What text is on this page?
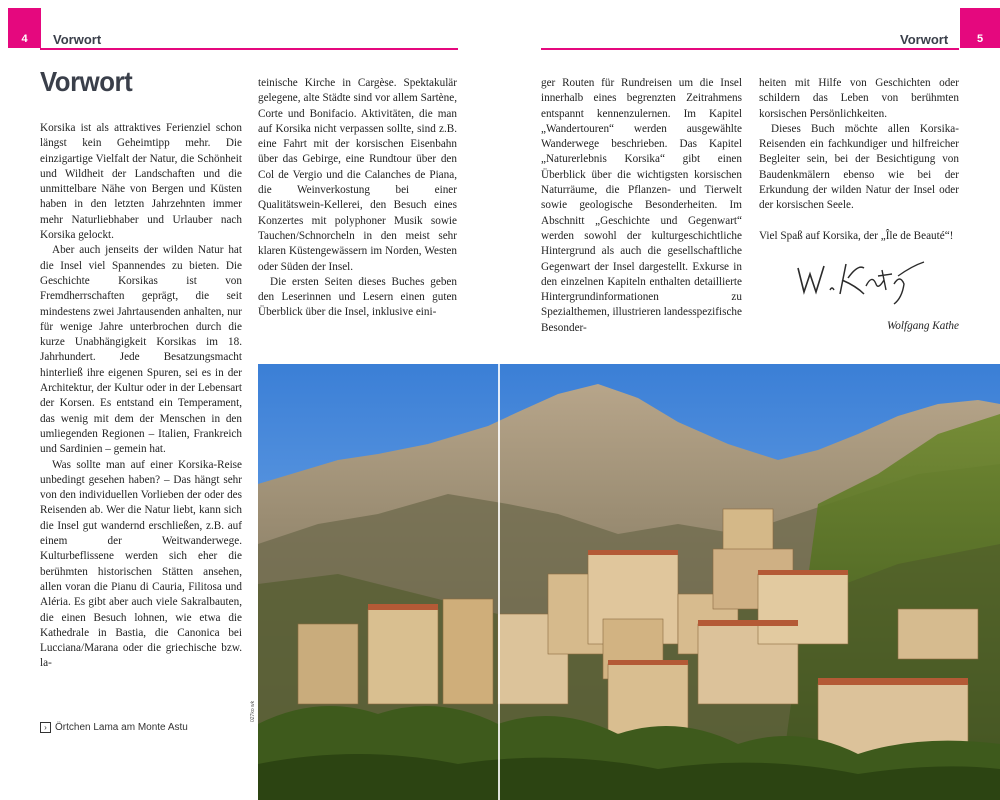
4 Vorwort	Vorwort	5
Vorwort

Korsika ist als attraktives Ferienziel schon längst kein Geheimtipp mehr. Die einzigartige Vielfalt der Natur, die Schönheit und Wildheit der Landschaften und die unmittelbare Nähe von Bergen und Küsten haben in den letzten Jahrzehnten immer mehr Naturliebhaber und Urlauber nach Korsika gelockt.

Aber auch jenseits der wilden Natur hat die Insel viel Spannendes zu bieten. Die Geschichte Korsikas ist von Fremdherrschaften geprägt, die seit mindestens zwei Jahrtausenden anhalten, nur für wenige Jahre unterbrochen durch die kurze Unabhängigkeit Korsikas im 18. Jahrhundert. Jede Besatzungsmacht hinterließ ihre eigenen Spuren, sei es in der Architektur, der Kultur oder in der Lebensart der Korsen. Es entstand ein Temperament, das wenig mit dem der Menschen in den umliegenden Regionen – Italien, Frankreich und Sardinien – gemein hat.

Was sollte man auf einer Korsika-Reise unbedingt gesehen haben? – Das hängt sehr von den individuellen Vorlieben der oder des Reisenden ab. Wer die Natur liebt, kann sich die Insel gut wandernd erschließen, z.B. auf einem der Weitwanderwege. Kulturbeflissene werden sich eher die berühmten historischen Stätten ansehen, allen voran die Pianu di Cauria, Filitosa und Aléria. Es gibt aber auch viele Sakralbauten, die einen Besuch lohnen, wie etwa die Kathedrale in Bastia, die Canonica bei Lucciana/Marana oder die griechische bzw. la-

teinische Kirche in Cargèse. Spektakulär gelegene, alte Städte sind vor allem Sartène, Corte und Bonifacio. Aktivitäten, die man auf Korsika nicht verpassen sollte, sind z.B. eine Fahrt mit der korsischen Eisenbahn über das Gebirge, eine Rundtour über den Col de Vergio und die Calanches de Piana, die Weinverkostung bei einer Qualitätswein-Kellerei, den Besuch eines Konzertes mit polyphoner Musik sowie Tauchen/Schnorcheln in den meist sehr klaren Küstengewässern im Norden, Westen oder Süden der Insel.

Die ersten Seiten dieses Buches geben den Leserinnen und Lesern einen guten Überblick über die Insel, inklusive eini-

ger Routen für Rundreisen um die Insel innerhalb eines begrenzten Zeitrahmens entspannt kennenzulernen. Im Kapitel „Wandertouren“ werden ausgewählte Wanderwege beschrieben. Das Kapitel „Naturerlebnis Korsika“ gibt einen Überblick über die wichtigsten korsischen Naturräume, die Pflanzen- und Tierwelt sowie geologische Besonderheiten. Im Abschnitt „Geschichte und Gegenwart“ werden sowohl der kulturgeschichtliche Hintergrund als auch die gesellschaftliche Gegenwart der Insel dargestellt. Exkurse in den einzelnen Kapiteln enthalten detaillierte Hintergrundinformationen zu Spezialthemen, illustrieren landesspezifische Besonder-

heiten mit Hilfe von Geschichten oder schildern das Leben von berühmten korsischen Persönlichkeiten.

Dieses Buch möchte allen Korsika-Reisenden ein fachkundiger und hilfreicher Begleiter sein, bei der Besichtigung von Baudenkmälern ebenso wie bei der Erkundung der wilden Natur der Insel oder der korsischen Seele.

Viel Spaß auf Korsika, der „Île de Beauté“!

Wolfgang Kathe
› Örtchen Lama am Monte Astu
027ko wk
